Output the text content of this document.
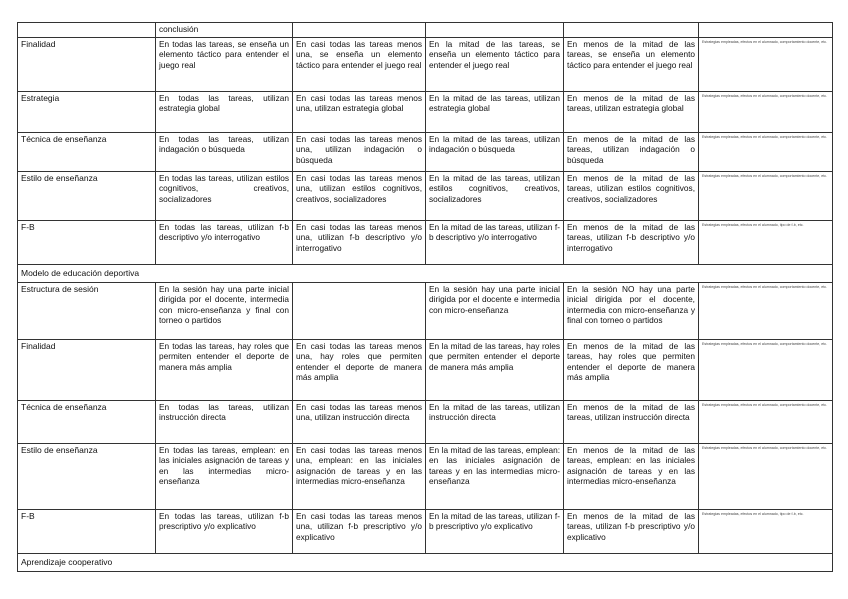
	conclusión				
Finalidad	En todas las tareas, se enseña un elemento táctico para entender el juego real	En casi todas las tareas menos una, se enseña un elemento táctico para entender el juego real	En la mitad de las tareas, se enseña un elemento táctico para entender el juego real	En menos de la mitad de las tareas, se enseña un elemento táctico para entender el juego real	Estrategias empleadas, efectos en el alumnado, comportamiento docente, etc.
Estrategia	En todas las tareas, utilizan estrategia global	En casi todas las tareas menos una, utilizan estrategia global	En la mitad de las tareas, utilizan estrategia global	En menos de la mitad de las tareas, utilizan estrategia global	Estrategias empleadas, efectos en el alumnado, comportamiento docente, etc.
Técnica de enseñanza	En todas las tareas, utilizan indagación o búsqueda	En casi todas las tareas menos una, utilizan indagación o búsqueda	En la mitad de las tareas, utilizan indagación o búsqueda	En menos de la mitad de las tareas, utilizan indagación o búsqueda	Estrategias empleadas, efectos en el alumnado, comportamiento docente, etc.
Estilo de enseñanza	En todas las tareas, utilizan estilos cognitivos, creativos, socializadores	En casi todas las tareas menos una, utilizan estilos cognitivos, creativos, socializadores	En la mitad de las tareas, utilizan estilos cognitivos, creativos, socializadores	En menos de la mitad de las tareas, utilizan estilos cognitivos, creativos, socializadores	Estrategias empleadas, efectos en el alumnado, comportamiento docente, etc.
F-B	En todas las tareas, utilizan f-b descriptivo y/o interrogativo	En casi todas las tareas menos una, utilizan f-b descriptivo y/o interrogativo	En la mitad de las tareas, utilizan f-b descriptivo y/o interrogativo	En menos de la mitad de las tareas, utilizan f-b descriptivo y/o interrogativo	Estrategias empleadas, efectos en el alumnado, tipo de f-b, etc.
Modelo de educación deportiva					
Estructura de sesión	En la sesión hay una parte inicial dirigida por el docente, intermedia con micro-enseñanza y final con torneo o partidos		En la sesión hay una parte inicial dirigida por el docente e intermedia con micro-enseñanza	En la sesión NO hay una parte inicial dirigida por el docente, intermedia con micro-enseñanza y final con torneo o partidos	Estrategias empleadas, efectos en el alumnado, comportamiento docente, etc.
Finalidad	En todas las tareas, hay roles que permiten entender el deporte de manera más amplia	En casi todas las tareas menos una, hay roles que permiten entender el deporte de manera más amplia	En la mitad de las tareas, hay roles que permiten entender el deporte de manera más amplia	En menos de la mitad de las tareas, hay roles que permiten entender el deporte de manera más amplia	Estrategias empleadas, efectos en el alumnado, comportamiento docente, etc.
Técnica de enseñanza	En todas las tareas, utilizan instrucción directa	En casi todas las tareas menos una, utilizan instrucción directa	En la mitad de las tareas, utilizan instrucción directa	En menos de la mitad de las tareas, utilizan instrucción directa	Estrategias empleadas, efectos en el alumnado, comportamiento docente, etc.
Estilo de enseñanza	En todas las tareas, emplean: en las iniciales asignación de tareas y en las intermedias micro-enseñanza	En casi todas las tareas menos una, emplean: en las iniciales asignación de tareas y en las intermedias micro-enseñanza	En la mitad de las tareas, emplean: en las iniciales asignación de tareas y en las intermedias micro-enseñanza	En menos de la mitad de las tareas, emplean: en las iniciales asignación de tareas y en las intermedias micro-enseñanza	Estrategias empleadas, efectos en el alumnado, comportamiento docente, etc.
F-B	En todas las tareas, utilizan f-b prescriptivo y/o explicativo	En casi todas las tareas menos una, utilizan f-b prescriptivo y/o explicativo	En la mitad de las tareas, utilizan f-b prescriptivo y/o explicativo	En menos de la mitad de las tareas, utilizan f-b prescriptivo y/o explicativo	Estrategias empleadas, efectos en el alumnado, tipo de f-b, etc.
Aprendizaje cooperativo					
